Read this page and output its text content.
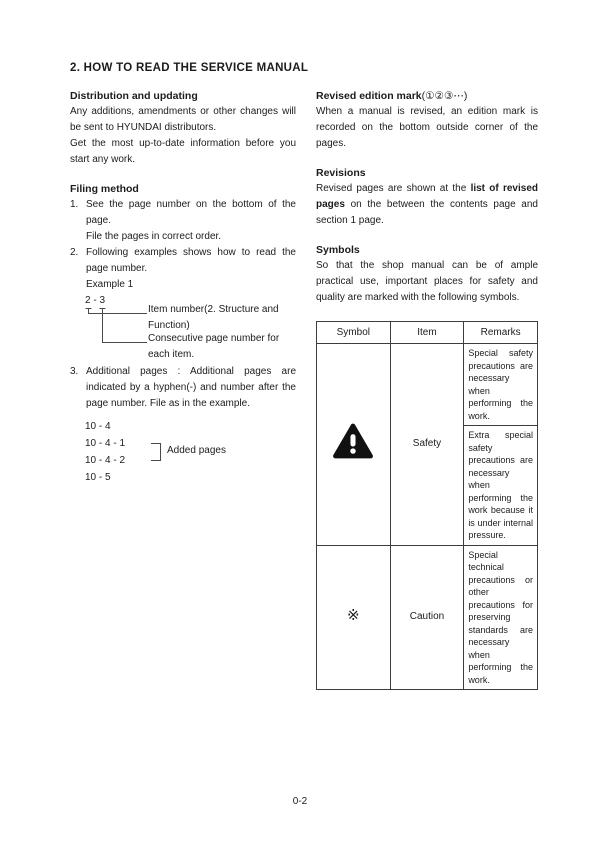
2. HOW TO READ THE SERVICE MANUAL
Distribution and updating

Any additions, amendments or other changes will be sent to HYUNDAI distributors.

Get the most up-to-date information before you start any work.

Filing method
1. See the page number on the bottom of the page.

File the pages in correct order.

2. Following examples shows how to read the page number.

Example 1

2 - 3
Item number(2. Structure and
Function)
Consecutive page number for
each item.
3. Additional pages : Additional pages are indicated by a hyphen(-) and number after the page number. File as in the example.

10 - 4
10 - 4 - 1
10 - 4 - 2
10 - 5
Added pages
Revised edition mark(①②③⋯)

When a manual is revised, an edition mark is recorded on the bottom outside corner of the pages.

Revisions

Revised pages are shown at the list of revised pages on the between the contents page and section 1 page.

Symbols

So that the shop manual can be of ample practical use, important places for safety and quality are marked with the following symbols.

Symbol	Item	Remarks
	Safety	Special safety precautions are necessary when performing the work.
		Extra special safety precautions are necessary when performing the work because it is under internal pressure.
※	Caution	Special technical precautions or other precautions for preserving standards are necessary when performing the work.
0-2
